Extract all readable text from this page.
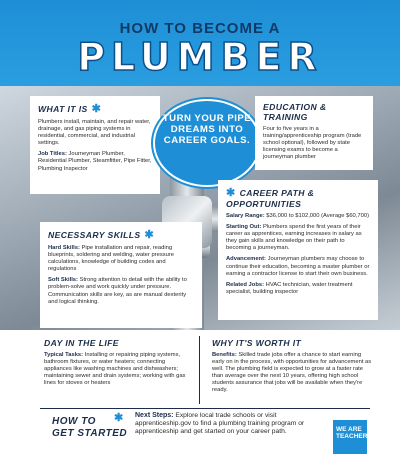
HOW TO BECOME A
PLUMBER
WHAT IT IS ✱

Plumbers install, maintain, and repair water, drainage, and gas piping systems in residential, commercial, and industrial settings.

Job Titles: Journeyman Plumber, Residential Plumber, Steamfitter, Pipe Fitter, Plumbing Inspector

TURN YOUR PIPE DREAMS INTO CAREER GOALS.
EDUCATION & TRAINING

Four to five years in a training/apprenticeship program (trade school optional), followed by state licensing exams to become a journeyman plumber

✱ CAREER PATH & OPPORTUNITIES

Salary Range: $36,000 to $102,000 (Average $60,700)

Starting Out: Plumbers spend the first years of their career as apprentices, earning increases in salary as they gain skills and knowledge on their path to becoming a journeyman.

Advancement: Journeyman plumbers may choose to continue their education, becoming a master plumber or earning a contractor license to start their own business.

Related Jobs: HVAC technician, water treatment specialist, building inspector

NECESSARY SKILLS ✱

Hard Skills: Pipe installation and repair, reading blueprints, soldering and welding, water pressure calculations, knowledge of building codes and regulations

Soft Skills: Strong attention to detail with the ability to problem-solve and work quickly under pressure. Communication skills are key, as are manual dexterity and logical thinking.

DAY IN THE LIFE

Typical Tasks: Installing or repairing piping systems, bathroom fixtures, or water heaters; connecting appliances like washing machines and dishwashers; maintaining sewer and drain systems; working with gas lines for stoves or heaters

WHY IT'S WORTH IT

Benefits: Skilled trade jobs offer a chance to start earning early on in the process, with opportunities for advancement as well. The plumbing field is expected to grow at a faster rate than average over the next 10 years, offering high school students assurance that jobs will be available when they're ready.

HOW TO
GET STARTED
✱ Next Steps: Explore local trade schools or visit apprenticeship.gov to find a plumbing training program or apprenticeship and get started on your career path.	WE ARE
TEACHERS
